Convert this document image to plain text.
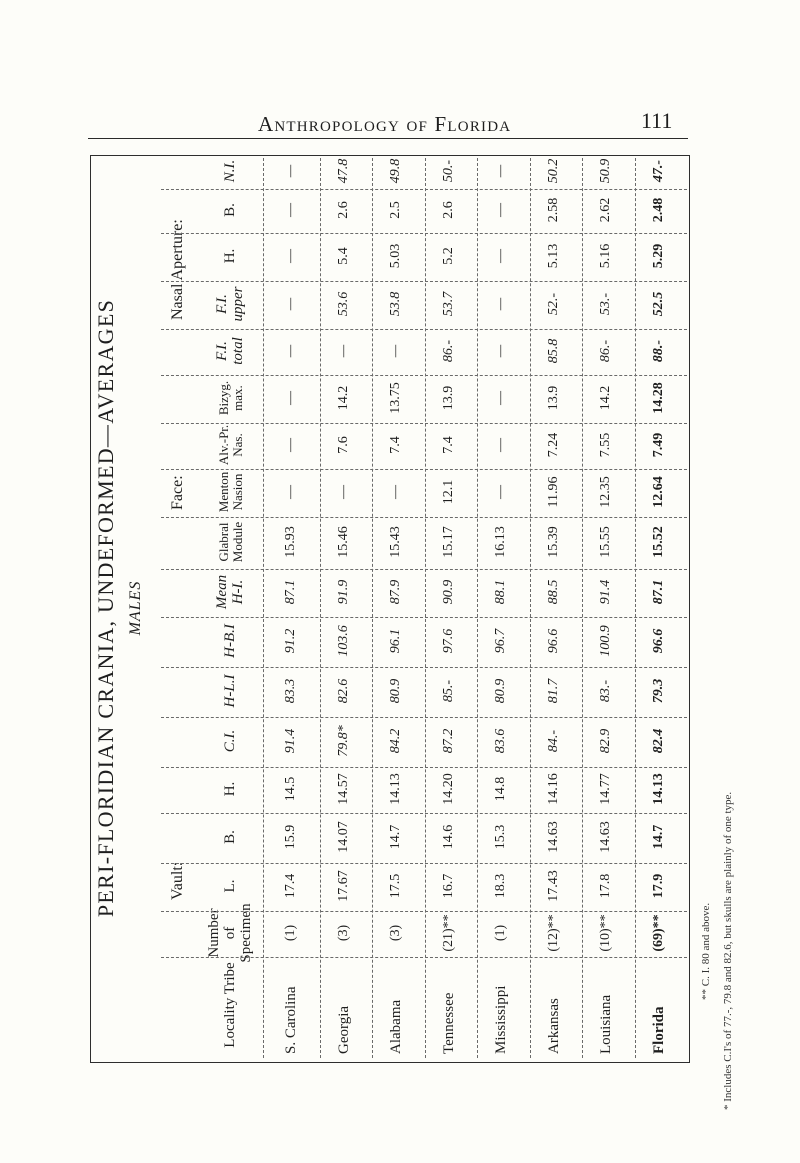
Anthropology of Florida	111
PERI-FLORIDIAN CRANIA, UNDEFORMED—AVERAGES MALES
Vault:
Face:
Nasal Aperture:
Locality Tribe
Number of Specimen
L.
B.
H.
C.I.
H-L.I
H-B.I
Mean H-I.
Glabral Module
Menton Nasion
Alv.-Pr. Nas.
Bizyg. max.
F.I. total
F.I. upper
H.
B.
N.I.
S. Carolina
(1)
17.4
15.9
14.5
91.4
83.3
91.2
87.1
15.93
—
—
—
—
—
—
—
—
Georgia
(3)
17.67
14.07
14.57
79.8*
82.6
103.6
91.9
15.46
—
7.6
14.2
—
53.6
5.4
2.6
47.8
Alabama
(3)
17.5
14.7
14.13
84.2
80.9
96.1
87.9
15.43
—
7.4
13.75
—
53.8
5.03
2.5
49.8
Tennessee
(21)**
16.7
14.6
14.20
87.2
85.-
97.6
90.9
15.17
12.1
7.4
13.9
86.-
53.7
5.2
2.6
50.-
Mississippi
(1)
18.3
15.3
14.8
83.6
80.9
96.7
88.1
16.13
—
—
—
—
—
—
—
—
Arkansas
(12)**
17.43
14.63
14.16
84.-
81.7
96.6
88.5
15.39
11.96
7.24
13.9
85.8
52.-
5.13
2.58
50.2
Louisiana
(10)**
17.8
14.63
14.77
82.9
83.-
100.9
91.4
15.55
12.35
7.55
14.2
86.-
53.-
5.16
2.62
50.9
Florida
(69)**
17.9
14.7
14.13
82.4
79.3
96.6
87.1
15.52
12.64
7.49
14.28
88.-
52.5
5.29
2.48
47.-
* Includes C.I's of 77.-, 79.8 and 82.6, but skulls are plainly of one type.
** C. I. 80 and above.
